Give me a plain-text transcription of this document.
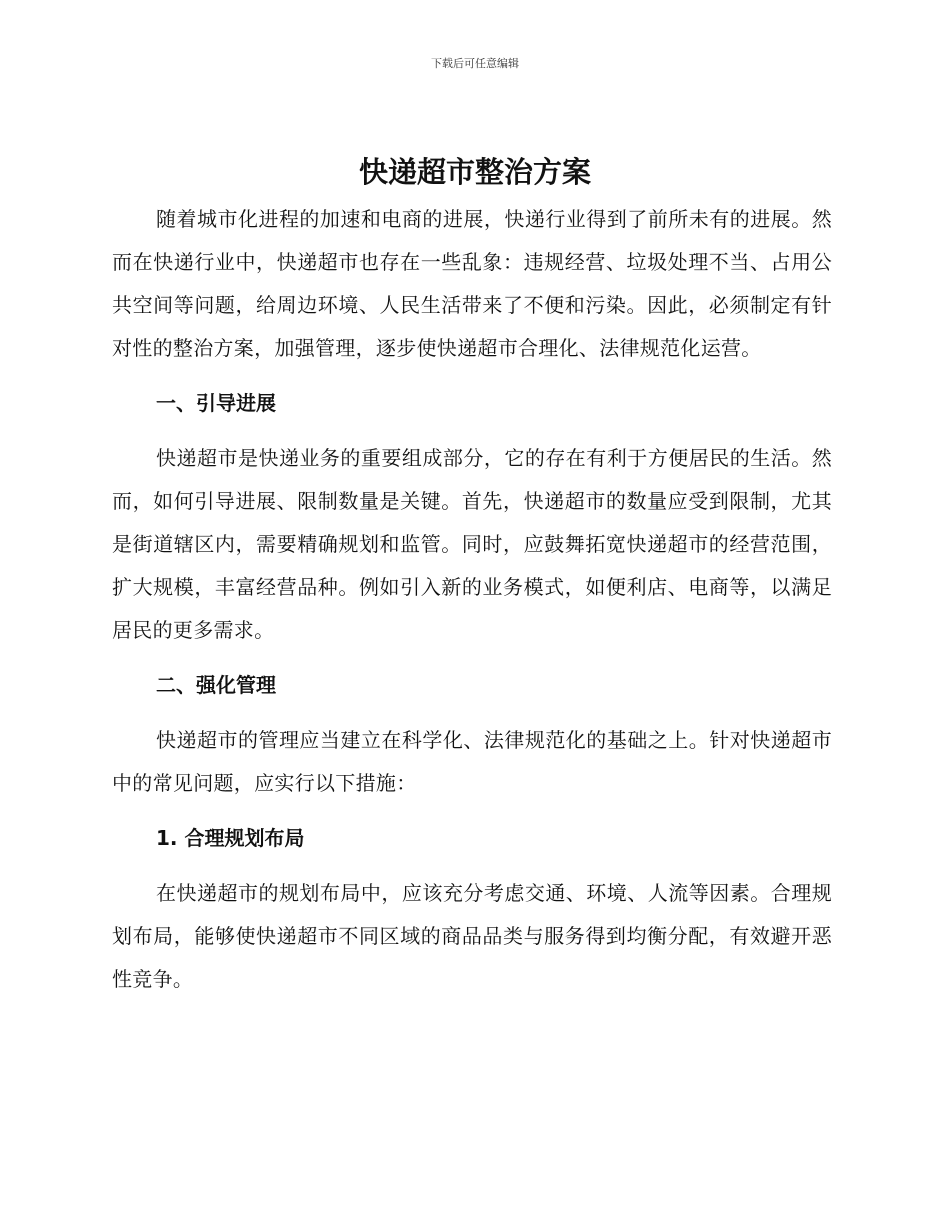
下载后可任意编辑
快递超市整治方案

随着城市化进程的加速和电商的进展，快递行业得到了前所未有的进展。然而在快递行业中，快递超市也存在一些乱象：违规经营、垃圾处理不当、占用公共空间等问题，给周边环境、人民生活带来了不便和污染。因此，必须制定有针对性的整治方案，加强管理，逐步使快递超市合理化、法律规范化运营。

一、引导进展

快递超市是快递业务的重要组成部分，它的存在有利于方便居民的生活。然而，如何引导进展、限制数量是关键。首先，快递超市的数量应受到限制，尤其是街道辖区内，需要精确规划和监管。同时，应鼓舞拓宽快递超市的经营范围，扩大规模，丰富经营品种。例如引入新的业务模式，如便利店、电商等，以满足居民的更多需求。

二、强化管理

快递超市的管理应当建立在科学化、法律规范化的基础之上。针对快递超市中的常见问题，应实行以下措施：

1. 合理规划布局

在快递超市的规划布局中，应该充分考虑交通、环境、人流等因素。合理规划布局，能够使快递超市不同区域的商品品类与服务得到均衡分配，有效避开恶性竞争。
